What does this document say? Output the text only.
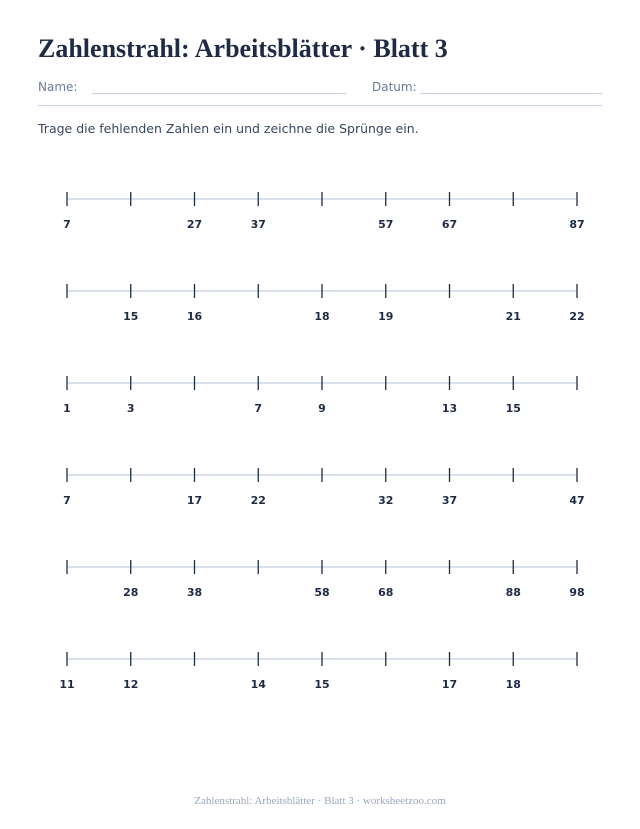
Zahlenstrahl: Arbeitsblätter · Blatt 3
Name:	Datum:
Trage die fehlenden Zahlen ein und zeichne die Sprünge ein.
7	27	37	57	67	87
15	16	18	19	21	22
1	3	7	9	13	15
7	17	22	32	37	47
28	38	58	68	88	98
11	12	14	15	17	18
Zahlenstrahl: Arbeitsblätter · Blatt 3 · worksheetzoo.com
